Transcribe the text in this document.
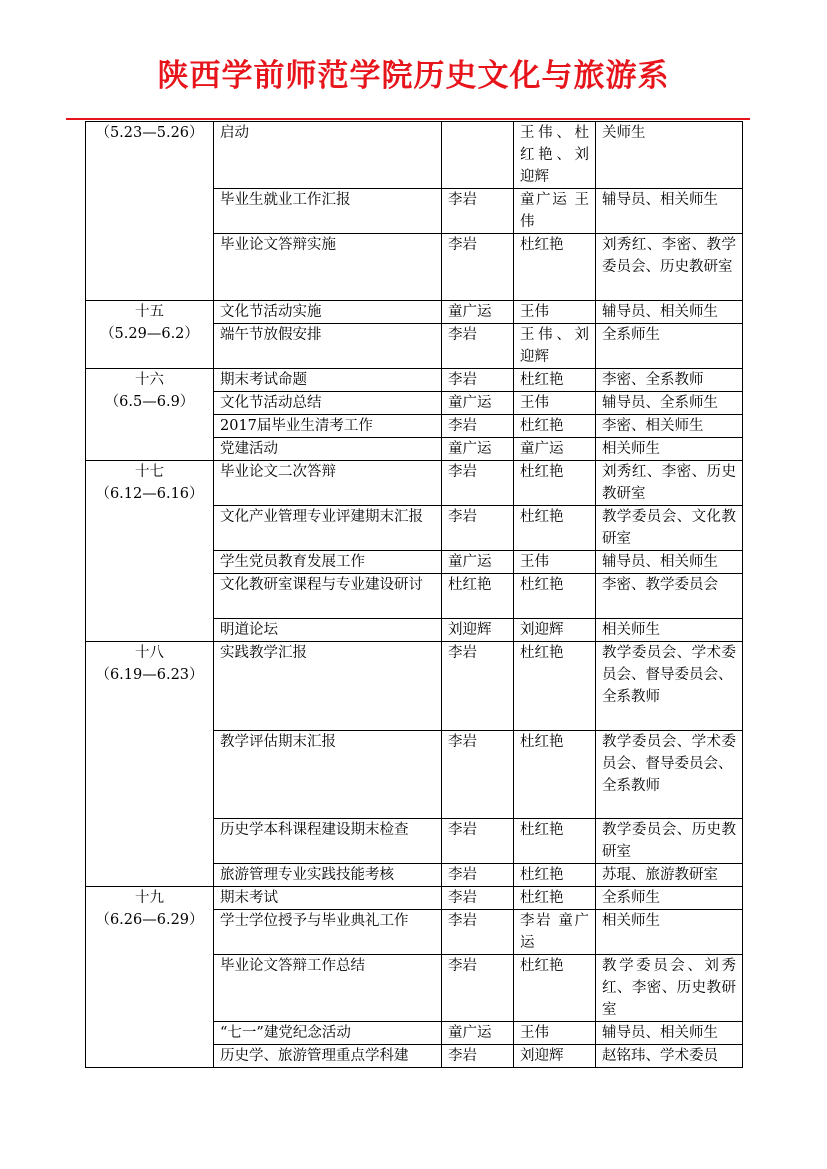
陕西学前师范学院历史文化与旅游系
（5.23—5.26）	启动		王伟、杜红艳、刘迎辉	关师生
	毕业生就业工作汇报	李岩	童广运 王伟	辅导员、相关师生
	毕业论文答辩实施	李岩	杜红艳	刘秀红、李密、教学委员会、历史教研室

十五
（5.29—6.2）	文化节活动实施	童广运	王伟	辅导员、相关师生
	端午节放假安排	李岩	王伟、刘迎辉	全系师生

十六
（6.5—6.9）	期末考试命题	李岩	杜红艳	李密、全系教师
	文化节活动总结	童广运	王伟	辅导员、全系师生
	2017届毕业生清考工作	李岩	杜红艳	李密、相关师生
	党建活动	童广运	童广运	相关师生

十七
（6.12—6.16）	毕业论文二次答辩	李岩	杜红艳	刘秀红、李密、历史教研室
	文化产业管理专业评建期末汇报	李岩	杜红艳	教学委员会、文化教研室
	学生党员教育发展工作	童广运	王伟	辅导员、相关师生
	文化教研室课程与专业建设研讨	杜红艳	杜红艳	李密、教学委员会
	明道论坛	刘迎辉	刘迎辉	相关师生

十八
（6.19—6.23）	实践教学汇报	李岩	杜红艳	教学委员会、学术委员会、督导委员会、
全系教师
	教学评估期末汇报	李岩	杜红艳	教学委员会、学术委员会、督导委员会、
全系教师
	历史学本科课程建设期末检查	李岩	杜红艳	教学委员会、历史教研室
	旅游管理专业实践技能考核	李岩	杜红艳	苏琨、旅游教研室

十九
（6.26—6.29）	期末考试	李岩	杜红艳	全系师生
	学士学位授予与毕业典礼工作	李岩	李岩 童广运	相关师生
	毕业论文答辩工作总结	李岩	杜红艳	教学委员会、刘秀红、李密、历史教研室
	“七一”建党纪念活动	童广运	王伟	辅导员、相关师生
	历史学、旅游管理重点学科建	李岩	刘迎辉	赵铭玮、学术委员
